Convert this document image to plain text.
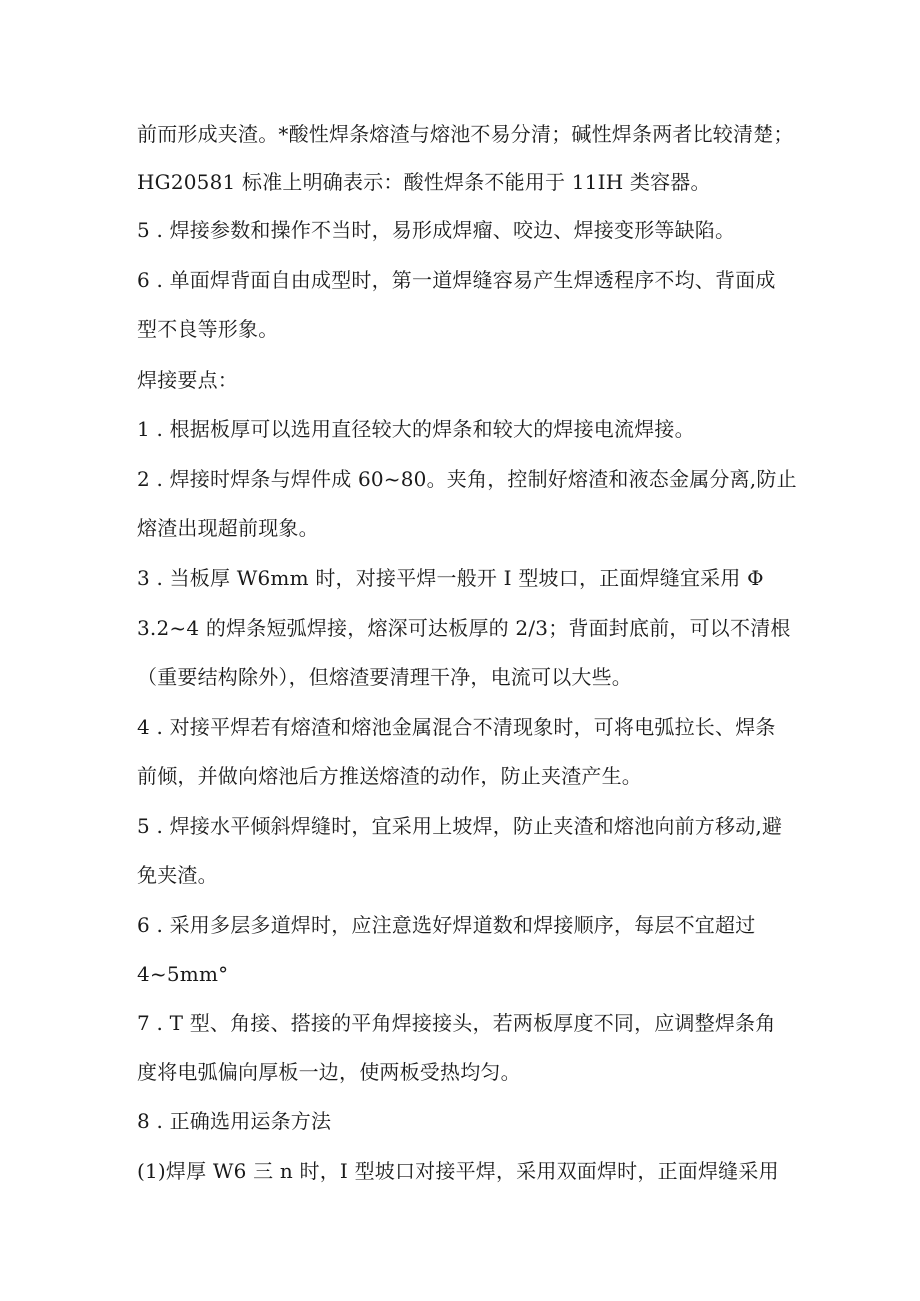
前而形成夹渣。*酸性焊条熔渣与熔池不易分清；碱性焊条两者比较清楚；
HG20581 标准上明确表示：酸性焊条不能用于 11IH 类容器。
5 . 焊接参数和操作不当时，易形成焊瘤、咬边、焊接变形等缺陷。
6 . 单面焊背面自由成型时，第一道焊缝容易产生焊透程序不均、背面成
型不良等形象。
焊接要点：
1 . 根据板厚可以选用直径较大的焊条和较大的焊接电流焊接。
2 . 焊接时焊条与焊件成 60~80。夹角，控制好熔渣和液态金属分离,防止
熔渣出现超前现象。
3 . 当板厚 W6mm 时，对接平焊一般开 I 型坡口，正面焊缝宜采用 Φ
3.2~4 的焊条短弧焊接，熔深可达板厚的 2/3；背面封底前，可以不清根
（重要结构除外），但熔渣要清理干净，电流可以大些。
4 . 对接平焊若有熔渣和熔池金属混合不清现象时，可将电弧拉长、焊条
前倾，并做向熔池后方推送熔渣的动作，防止夹渣产生。
5 . 焊接水平倾斜焊缝时，宜采用上坡焊，防止夹渣和熔池向前方移动,避
免夹渣。
6 . 采用多层多道焊时，应注意选好焊道数和焊接顺序，每层不宜超过
4~5mm°
7 . T 型、角接、搭接的平角焊接接头，若两板厚度不同，应调整焊条角
度将电弧偏向厚板一边，使两板受热均匀。
8 . 正确选用运条方法
(1)焊厚 W6 三 n 时，I 型坡口对接平焊，采用双面焊时，正面焊缝采用
